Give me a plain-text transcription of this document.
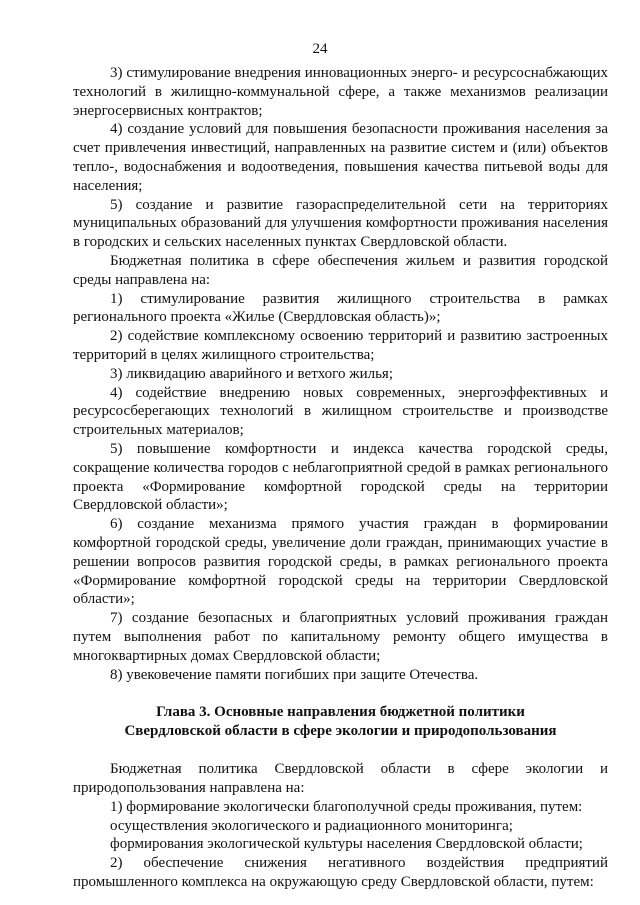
24

3) стимулирование внедрения инновационных энерго- и ресурсоснабжающих технологий в жилищно-коммунальной сфере, а также механизмов реализации энергосервисных контрактов;

4) создание условий для повышения безопасности проживания населения за счет привлечения инвестиций, направленных на развитие систем и (или) объектов тепло-, водоснабжения и водоотведения, повышения качества питьевой воды для населения;

5) создание и развитие газораспределительной сети на территориях муниципальных образований для улучшения комфортности проживания населения в городских и сельских населенных пунктах Свердловской области.

Бюджетная политика в сфере обеспечения жильем и развития городской среды направлена на:

1) стимулирование развития жилищного строительства в рамках регионального проекта «Жилье (Свердловская область)»;

2) содействие комплексному освоению территорий и развитию застроенных территорий в целях жилищного строительства;

3) ликвидацию аварийного и ветхого жилья;

4) содействие внедрению новых современных, энергоэффективных и ресурсосберегающих технологий в жилищном строительстве и производстве строительных материалов;

5) повышение комфортности и индекса качества городской среды, сокращение количества городов с неблагоприятной средой в рамках регионального проекта «Формирование комфортной городской среды на территории Свердловской области»;

6) создание механизма прямого участия граждан в формировании комфортной городской среды, увеличение доли граждан, принимающих участие в решении вопросов развития городской среды, в рамках регионального проекта «Формирование комфортной городской среды на территории Свердловской области»;

7) создание безопасных и благоприятных условий проживания граждан путем выполнения работ по капитальному ремонту общего имущества в многоквартирных домах Свердловской области;

8) увековечение памяти погибших при защите Отечества.

Глава 3. Основные направления бюджетной политики
Свердловской области в сфере экологии и природопользования

Бюджетная политика Свердловской области в сфере экологии и природопользования направлена на:

1) формирование экологически благополучной среды проживания, путем:

осуществления экологического и радиационного мониторинга;

формирования экологической культуры населения Свердловской области;

2) обеспечение снижения негативного воздействия предприятий промышленного комплекса на окружающую среду Свердловской области, путем:
